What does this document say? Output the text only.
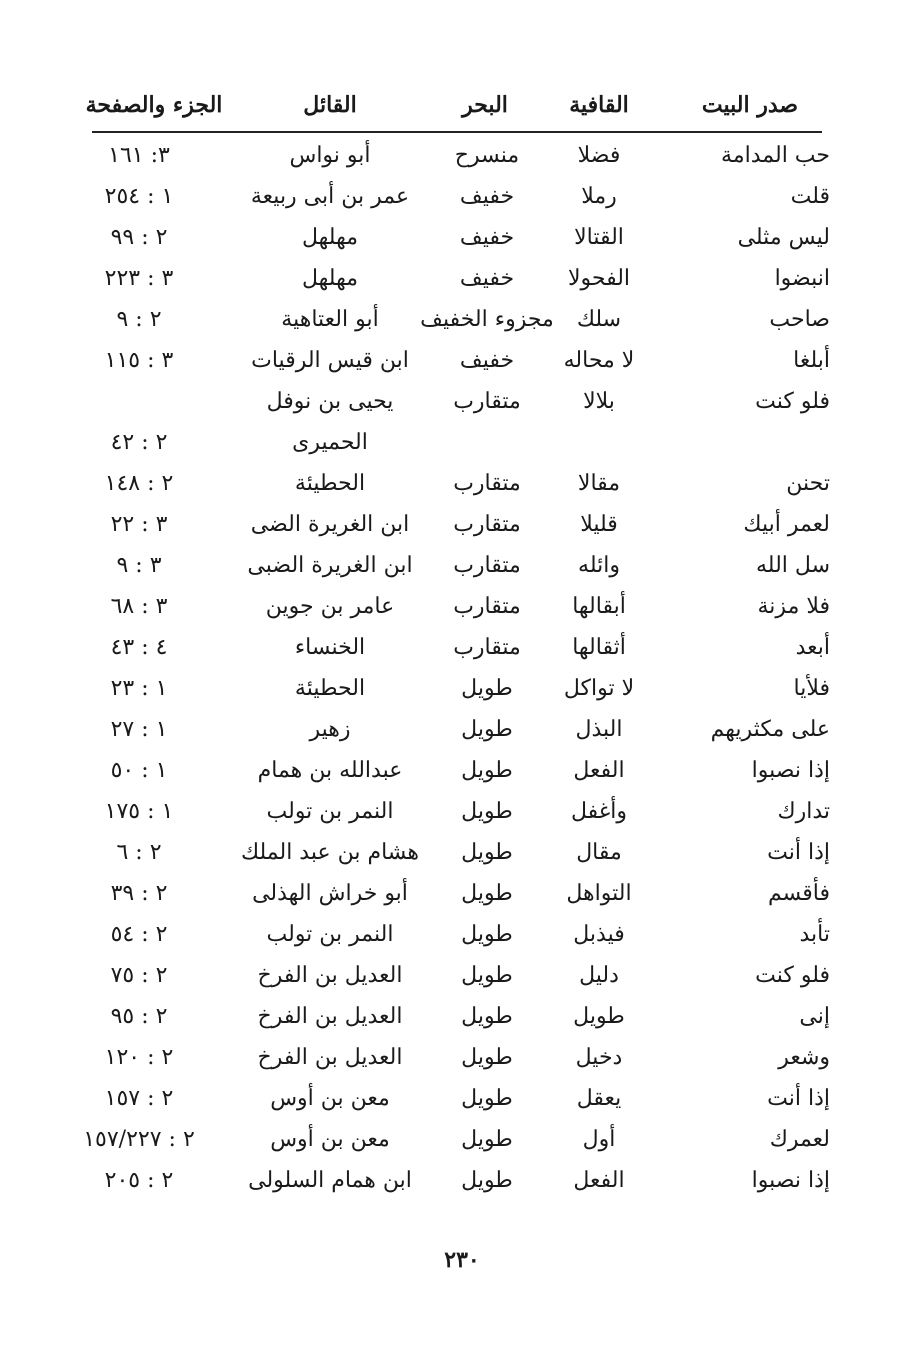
صدر البيت
القافية
البحر
القائل
الجزء والصفحة
حب المدامة
فضلا
منسرح
أبو نواس
٣: ١٦١
قلت
رملا
خفيف
عمر بن أبى ربيعة
١ : ٢٥٤
ليس مثلى
القتالا
خفيف
مهلهل
٢ : ٩٩
انبضوا
الفحولا
خفيف
مهلهل
٣ : ٢٢٣
صاحب
سلك
مجزوء الخفيف
أبو العتاهية
٢ : ٩
أبلغا
لا محاله
خفيف
ابن قيس الرقيات
٣ : ١١٥
فلو كنت
بلالا
متقارب
يحيى بن نوفل
الحميرى
٢ : ٤٢
تحنن
مقالا
متقارب
الحطيئة
٢ : ١٤٨
لعمر أبيك
قليلا
متقارب
ابن الغريرة الضى
٣ : ٢٢
سل الله
وائله
متقارب
ابن الغريرة الضبى
٣ : ٩
فلا مزنة
أبقالها
متقارب
عامر بن جوين
٣ : ٦٨
أبعد
أثقالها
متقارب
الخنساء
٤ : ٤٣
فلأيا
لا تواكل
طويل
الحطيئة
١ : ٢٣
على مكثريهم
البذل
طويل
زهير
١ : ٢٧
إذا نصبوا
الفعل
طويل
عبدالله بن همام
١ : ٥٠
تدارك
وأغفل
طويل
النمر بن تولب
١ : ١٧٥
إذا أنت
مقال
طويل
هشام بن عبد الملك
٢ : ٦
فأقسم
التواهل
طويل
أبو خراش الهذلى
٢ : ٣٩
تأبد
فيذبل
طويل
النمر بن تولب
٢ : ٥٤
فلو كنت
دليل
طويل
العديل بن الفرخ
٢ : ٧٥
إنى
طويل
طويل
العديل بن الفرخ
٢ : ٩٥
وشعر
دخيل
طويل
العديل بن الفرخ
٢ : ١٢٠
إذا أنت
يعقل
طويل
معن بن أوس
٢ : ١٥٧
لعمرك
أول
طويل
معن بن أوس
٢ : ١٥٧/٢٢٧
إذا نصبوا
الفعل
طويل
ابن همام السلولى
٢ : ٢٠٥
٢٣٠
